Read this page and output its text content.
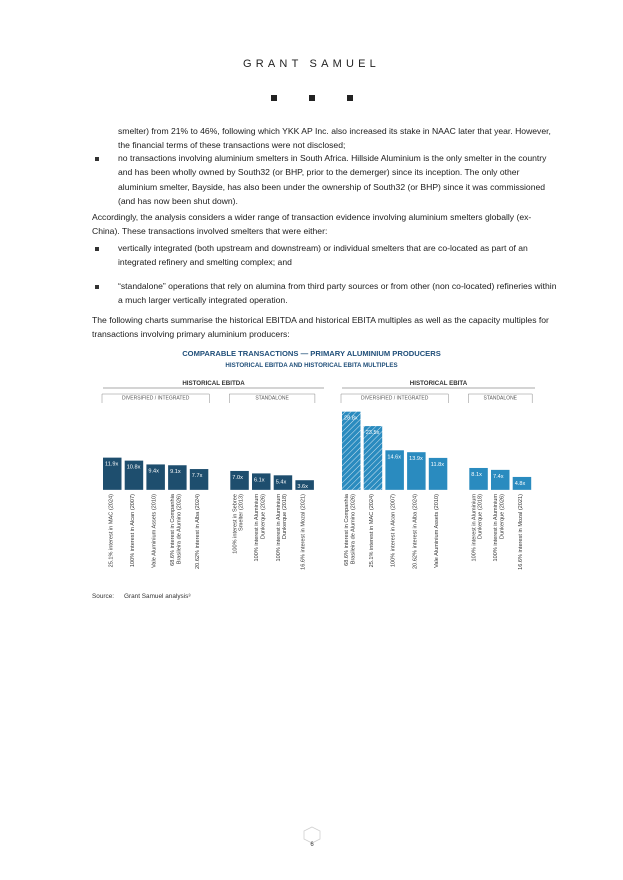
GRANT SAMUEL
smelter) from 21% to 46%, following which YKK AP Inc. also increased its stake in NAAC later that year. However, the financial terms of these transactions were not disclosed;
no transactions involving aluminium smelters in South Africa. Hillside Aluminium is the only smelter in the country and has been wholly owned by South32 (or BHP, prior to the demerger) since its inception. The only other aluminium smelter, Bayside, has also been under the ownership of South32 (or BHP) since it was commissioned (and has now been shut down).
Accordingly, the analysis considers a wider range of transaction evidence involving aluminium smelters globally (ex-China). These transactions involved smelters that were either:
vertically integrated (both upstream and downstream) or individual smelters that are co-located as part of an integrated refinery and smelting complex; and
“standalone” operations that rely on alumina from third party sources or from other (non co-located) refineries within a much larger vertically integrated operation.
The following charts summarise the historical EBITDA and historical EBITA multiples as well as the capacity multiples for transactions involving primary aluminium producers:
COMPARABLE TRANSACTIONS — PRIMARY ALUMINIUM PRODUCERS
HISTORICAL EBITDA AND HISTORICAL EBITA MULTIPLES
HISTORICAL EBITDA
DIVERSIFIED / INTEGRATED
11.9x
25.1% interest in MAC (2024)
10.8x
100% interest in Alcan (2007)
9.4x
Vale Aluminium Assets (2010)
9.1x
68.6% interest in CompanhiaBrasileira de Alumino (2026)
7.7x
20.62% interest in Alba (2024)
STANDALONE
7.0x
100% interest in SebreeSmelter (2013)
6.1x
100% interest in AluminiumDunkerque (2026)
5.4x
100% interest in AluminiumDunkerque (2018)
3.6x
16.6% interest in Mozal (2021)
HISTORICAL EBITA
DIVERSIFIED / INTEGRATED
28.8x
68.6% interest in CompanhiaBrasileira de Alumino (2026)
23.5x
25.1% interest in MAC (2024)
14.6x
100% interest in Alcan (2007)
13.9x
20.62% interest in Alba (2024)
11.8x
Vale Aluminium Assets (2010)
STANDALONE
8.1x
100% interest in AluminiumDunkerque (2018)
7.4x
100% interest in AluminiumDunkerque (2026)
4.8x
16.6% interest in Mozal (2021)
Source: Grant Samuel analysis³
6
